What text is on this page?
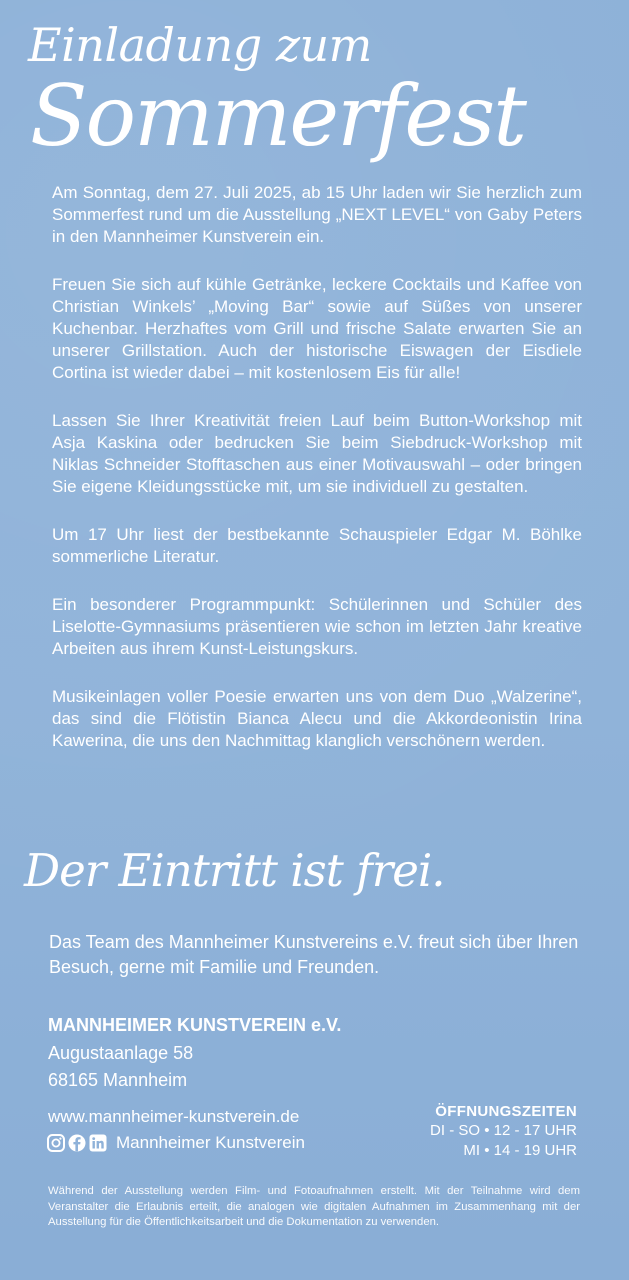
Einladung zum
Sommerfest

Am Sonntag, dem 27. Juli 2025, ab 15 Uhr laden wir Sie herzlich zum Sommerfest rund um die Ausstellung „NEXT LEVEL“ von Gaby Peters in den Mannheimer Kunstverein ein.

Freuen Sie sich auf kühle Getränke, leckere Cocktails und Kaffee von Christian Winkels’ „Moving Bar“ sowie auf Süßes von unserer Kuchenbar. Herzhaftes vom Grill und frische Salate erwarten Sie an unserer Grillstation. Auch der historische Eiswagen der Eisdiele Cortina ist wieder dabei – mit kostenlosem Eis für alle!

Lassen Sie Ihrer Kreativität freien Lauf beim Button-Workshop mit Asja Kaskina oder bedrucken Sie beim Siebdruck-Workshop mit Niklas Schneider Stofftaschen aus einer Motivauswahl – oder bringen Sie eigene Kleidungsstücke mit, um sie individuell zu gestalten.

Um 17 Uhr liest der bestbekannte Schauspieler Edgar M. Böhlke sommerliche Literatur.

Ein besonderer Programmpunkt: Schülerinnen und Schüler des Liselotte-Gymnasiums präsentieren wie schon im letzten Jahr kreative Arbeiten aus ihrem Kunst-Leistungskurs.

Musikeinlagen voller Poesie erwarten uns von dem Duo „Walzerine“, das sind die Flötistin Bianca Alecu und die Akkordeonistin Irina Kawerina, die uns den Nachmittag klanglich verschönern werden.

Der Eintritt ist frei.
Das Team des Mannheimer Kunstvereins e.V. freut sich über Ihren Besuch, gerne mit Familie und Freunden.
MANNHEIMER KUNSTVEREIN e.V.
Augustaanlage 58
68165 Mannheim
www.mannheimer-kunstverein.de
Mannheimer Kunstverein
ÖFFNUNGSZEITEN
DI - SO • 12 - 17 UHR
MI • 14 - 19 UHR
Während der Ausstellung werden Film- und Fotoaufnahmen erstellt. Mit der Teilnahme wird dem Veranstalter die Erlaubnis erteilt, die analogen wie digitalen Aufnahmen im Zusammenhang mit der Ausstellung für die Öffentlichkeitsarbeit und die Dokumentation zu verwenden.
